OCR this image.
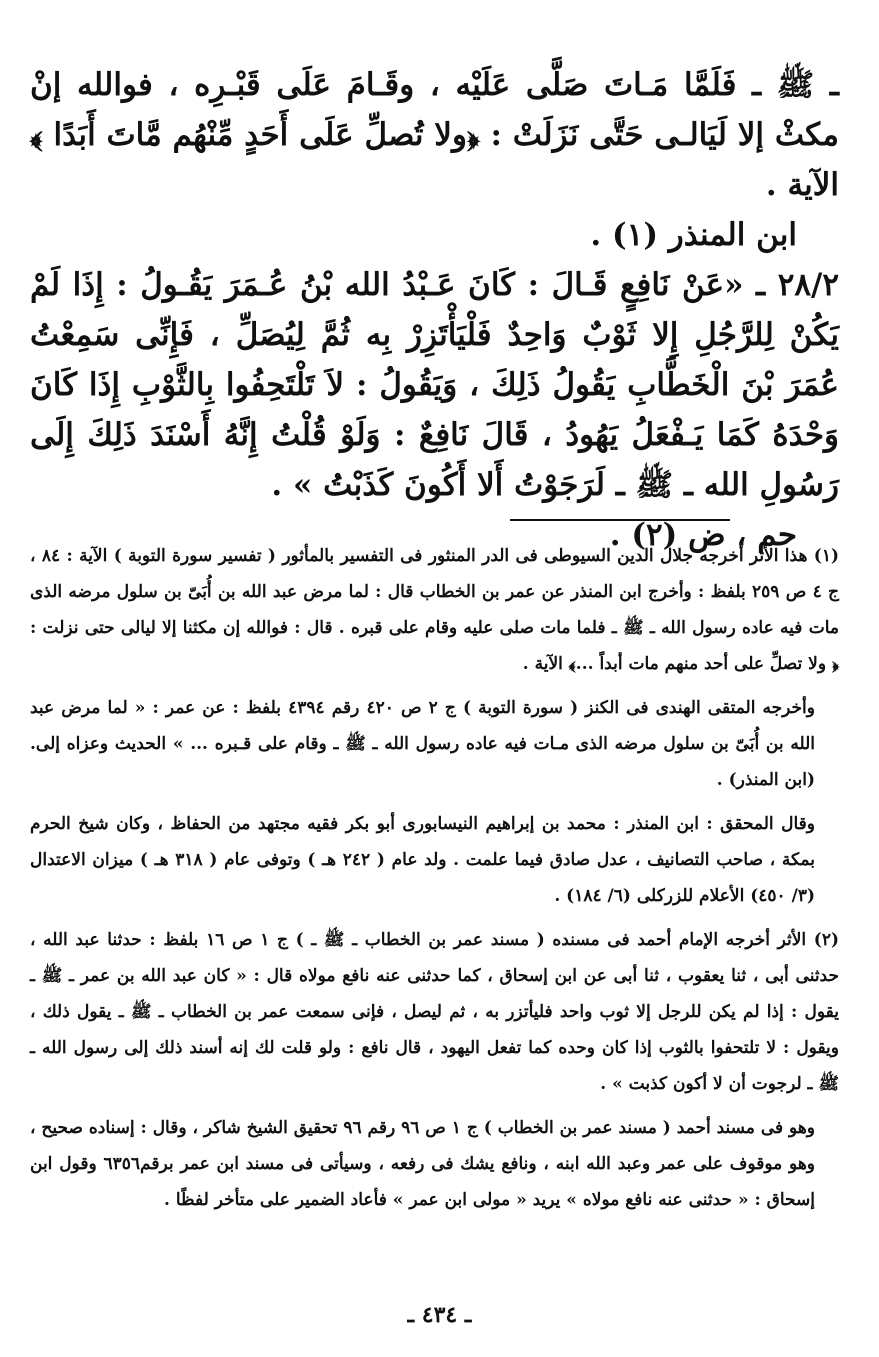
ـ ﷺ ـ فَلَمَّا مَـاتَ صَلَّى عَلَيْه ، وقَـامَ عَلَى قَبْـرِه ، فوالله إنْ مكثْ إلا لَيَالـى حَتَّى نَزَلَتْ : ﴿ولا تُصلِّ عَلَى أَحَدٍ مِّنْهُم مَّاتَ أَبَدًا ﴾ الآية .

ابن المنذر (١) .

٢٨/٢ ـ «عَنْ نَافِعٍ قَـالَ : كَانَ عَـبْدُ الله بْنُ عُـمَرَ يَقُـولُ : إِذَا لَمْ يَكُنْ لِلرَّجُلِ إِلا ثَوْبٌ وَاحِدٌ فَلْيَأْتَزِرْ بِه ثُمَّ لِيُصَلِّ ، فَإِنِّى سَمِعْتُ عُمَرَ بْنَ الْخَطَّابِ يَقُولُ ذَلِكَ ، وَيَقُولُ : لاَ تَلْتَحِفُوا بِالثَّوْبِ إِذَا كَانَ وَحْدَهُ كَمَا يَـفْعَلُ يَهُودُ ، قَالَ نَافِعٌ : وَلَوْ قُلْتُ إِنَّهُ أَسْنَدَ ذَلِكَ إِلَى رَسُولِ الله ـ ﷺ ـ لَرَجَوْتُ أَلا أَكُونَ كَذَبْتُ » .

حم ، ض (٢) .

(١) هذا الأثر أخرجه جلال الدين السيوطى فى الدر المنثور فى التفسير بالمأثور ( تفسير سورة التوبة ) الآية : ٨٤ ، ج ٤ ص ٢٥٩ بلفظ : وأخرج ابن المنذر عن عمر بن الخطاب قال : لما مرض عبد الله بن أُبَىّ بن سلول مرضه الذى مات فيه عاده رسول الله ـ ﷺ ـ فلما مات صلى عليه وقام على قبره . قال : فوالله إن مكثنا إلا ليالى حتى نزلت : ﴿ ولا تصلِّ على أحد منهم مات أبداً ...﴾ الآية .

وأخرجه المتقى الهندى فى الكنز ( سورة التوبة ) ج ٢ ص ٤٢٠ رقم ٤٣٩٤ بلفظ : عن عمر : « لما مرض عبد الله بن أُبَىّ بن سلول مرضه الذى مـات فيه عاده رسول الله ـ ﷺ ـ وقام على قـبره ... » الحديث وعزاه إلى. (ابن المنذر) .

وقال المحقق : ابن المنذر : محمد بن إبراهيم النيسابورى أبو بكر فقيه مجتهد من الحفاظ ، وكان شيخ الحرم بمكة ، صاحب التصانيف ، عدل صادق فيما علمت . ولد عام ( ٢٤٢ هـ ) وتوفى عام ( ٣١٨ هـ ) ميزان الاعتدال (٣/ ٤٥٠) الأعلام للزركلى (٦/ ١٨٤) .

(٢) الأثر أخرجه الإمام أحمد فى مسنده ( مسند عمر بن الخطاب ـ ﷺ ـ ) ج ١ ص ١٦ بلفظ : حدثنا عبد الله ، حدثنى أبى ، ثنا يعقوب ، ثنا أبى عن ابن إسحاق ، كما حدثنى عنه نافع مولاه قال : « كان عبد الله بن عمر ـ ﷺ ـ يقول : إذا لم يكن للرجل إلا ثوب واحد فليأتزر به ، ثم ليصل ، فإنى سمعت عمر بن الخطاب ـ ﷺ ـ يقول ذلك ، ويقول : لا تلتحفوا بالثوب إذا كان وحده كما تفعل اليهود ، قال نافع : ولو قلت لك إنه أسند ذلك إلى رسول الله ـ ﷺ ـ لرجوت أن لا أكون كذبت » .

وهو فى مسند أحمد ( مسند عمر بن الخطاب ) ج ١ ص ٩٦ رقم ٩٦ تحقيق الشيخ شاكر ، وقال : إسناده صحيح ، وهو موقوف على عمر وعبد الله ابنه ، ونافع يشك فى رفعه ، وسيأتى فى مسند ابن عمر برقم٦٣٥٦ وقول ابن إسحاق : « حدثنى عنه نافع مولاه » يريد « مولى ابن عمر » فأعاد الضمير على متأخر لفظًا .

ـ ٤٣٤ ـ
